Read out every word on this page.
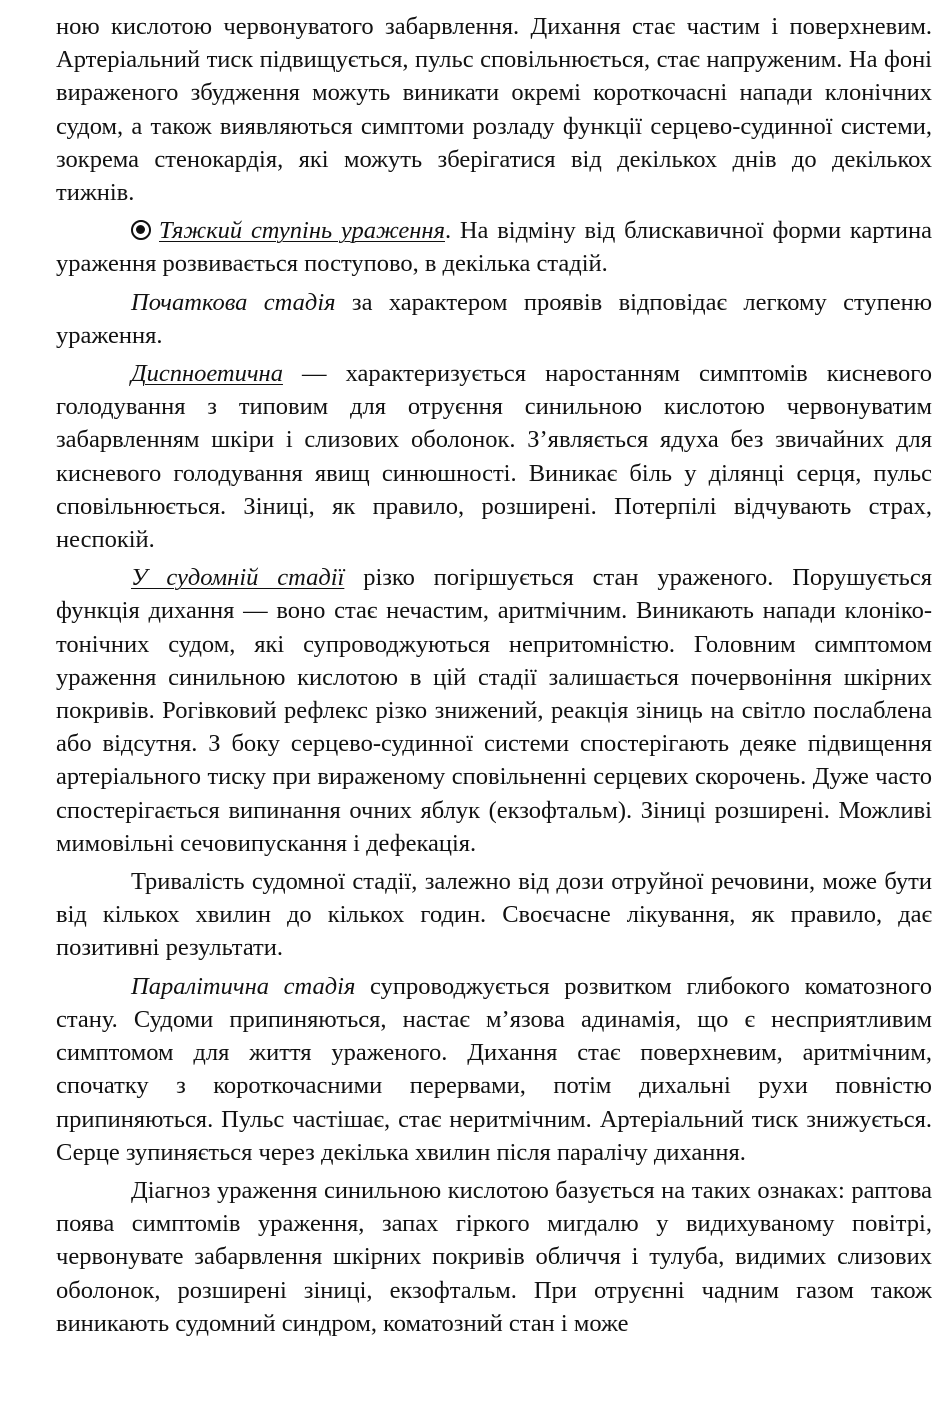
ною кислотою червонуватого забарвлення. Дихання стає частим і поверхневим. Артеріальний тиск підвищується, пульс сповільнюється, стає напруженим. На фоні вираженого збудження можуть виникати окремі короткочасні напади клонічних судом, а також виявляються симптоми розладу функції серцево-судинної системи, зокрема стенокардія, які можуть зберігатися від декількох днів до декількох тижнів.

Тяжкий ступінь ураження. На відміну від блискавичної форми картина ураження розвивається поступово, в декілька стадій.

Початкова стадія за характером проявів відповідає легкому ступеню ураження.

Диспноетична — характеризується наростанням симптомів кисневого голодування з типовим для отруєння синильною кислотою червонуватим забарвленням шкіри і слизових оболонок. З’являється ядуха без звичайних для кисневого голодування явищ синюшності. Виникає біль у ділянці серця, пульс сповільнюється. Зіниці, як правило, розширені. Потерпілі відчувають страх, неспокій.

У судомній стадії різко погіршується стан ураженого. Порушується функція дихання — воно стає нечастим, аритмічним. Виникають напади клоніко-тонічних судом, які супроводжуються непритомністю. Головним симптомом ураження синильною кислотою в цій стадії залишається почервоніння шкірних покривів. Рогівковий рефлекс різко знижений, реакція зіниць на світло послаблена або відсутня. З боку серцево-судинної системи спостерігають деяке підвищення артеріального тиску при вираженому сповільненні серцевих скорочень. Дуже часто спостерігається випинання очних яблук (екзофтальм). Зіниці розширені. Можливі мимовільні сечовипускання і дефекація.

Тривалість судомної стадії, залежно від дози отруйної речовини, може бути від кількох хвилин до кількох годин. Своєчасне лікування, як правило, дає позитивні результати.

Паралітична стадія супроводжується розвитком глибокого коматозного стану. Судоми припиняються, настає м’язова адинамія, що є несприятливим симптомом для життя ураженого. Дихання стає поверхневим, аритмічним, спочатку з короткочасними перервами, потім дихальні рухи повністю припиняються. Пульс частішає, стає неритмічним. Артеріальний тиск знижується. Серце зупиняється через декілька хвилин після паралічу дихання.

Діагноз ураження синильною кислотою базується на таких ознаках: раптова поява симптомів ураження, запах гіркого мигдалю у видихуваному повітрі, червонувате забарвлення шкірних покривів обличчя і тулуба, видимих слизових оболонок, розширені зіниці, екзофтальм. При отруєнні чадним газом також виникають судомний синдром, коматозний стан і може
